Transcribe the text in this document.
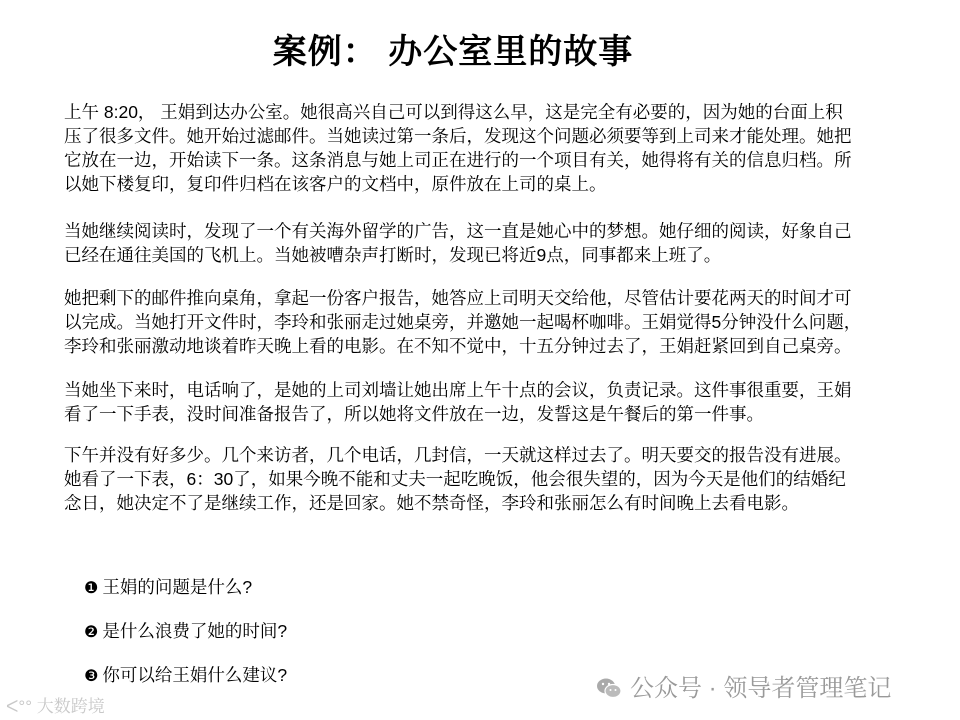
案例： 办公室里的故事
上午 8:20， 王娟到达办公室。她很高兴自己可以到得这么早，这是完全有必要的，因为她的台面上积
压了很多文件。她开始过滤邮件。当她读过第一条后，发现这个问题必须要等到上司来才能处理。她把
它放在一边，开始读下一条。这条消息与她上司正在进行的一个项目有关，她得将有关的信息归档。所
以她下楼复印，复印件归档在该客户的文档中，原件放在上司的桌上。
当她继续阅读时，发现了一个有关海外留学的广告，这一直是她心中的梦想。她仔细的阅读，好象自己
已经在通往美国的飞机上。当她被嘈杂声打断时，发现已将近9点，同事都来上班了。
她把剩下的邮件推向桌角，拿起一份客户报告，她答应上司明天交给他，尽管估计要花两天的时间才可
以完成。当她打开文件时，李玲和张丽走过她桌旁，并邀她一起喝杯咖啡。王娟觉得5分钟没什么问题，
李玲和张丽激动地谈着昨天晚上看的电影。在不知不觉中，十五分钟过去了，王娟赶紧回到自己桌旁。
当她坐下来时，电话响了，是她的上司刘墙让她出席上午十点的会议，负责记录。这件事很重要，王娟
看了一下手表，没时间准备报告了，所以她将文件放在一边，发誓这是午餐后的第一件事。
下午并没有好多少。几个来访者，几个电话，几封信，一天就这样过去了。明天要交的报告没有进展。
她看了一下表，6：30了，如果今晚不能和丈夫一起吃晚饭，他会很失望的，因为今天是他们的结婚纪
念日，她决定不了是继续工作，还是回家。她不禁奇怪，李玲和张丽怎么有时间晚上去看电影。
❶ 王娟的问题是什么?
❷ 是什么浪费了她的时间?
❸ 你可以给王娟什么建议?	公众号 · 领导者管理笔记
ᐸ°° 大数跨境
